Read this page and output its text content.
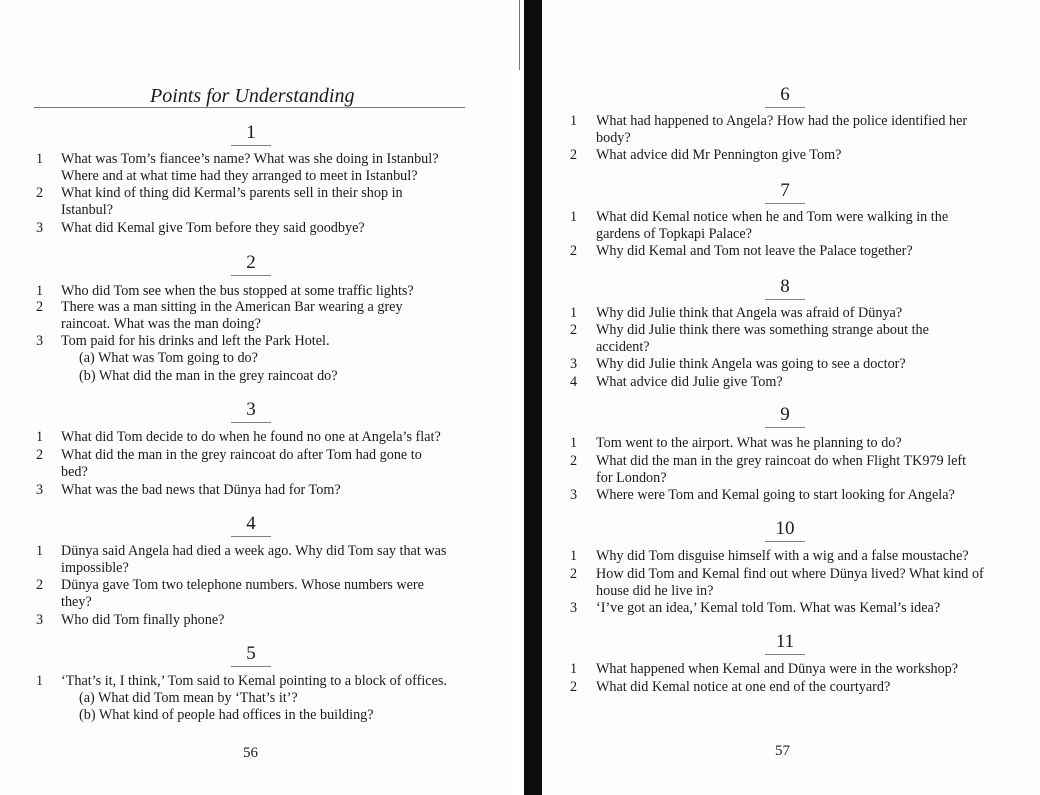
Points for Understanding
56	57
1
1 What was Tom’s fiancee’s name? What was she doing in Istanbul?
Where and at what time had they arranged to meet in Istanbul?
2 What kind of thing did Kermal’s parents sell in their shop in
Istanbul?
3 What did Kemal give Tom before they said goodbye?
2
1 Who did Tom see when the bus stopped at some traffic lights?
2 There was a man sitting in the American Bar wearing a grey
raincoat. What was the man doing?
3 Tom paid for his drinks and left the Park Hotel.
(a) What was Tom going to do?
(b) What did the man in the grey raincoat do?
3
1 What did Tom decide to do when he found no one at Angela’s flat?
2 What did the man in the grey raincoat do after Tom had gone to
bed?
3 What was the bad news that Dünya had for Tom?
4
1 Dünya said Angela had died a week ago. Why did Tom say that was
impossible?
2 Dünya gave Tom two telephone numbers. Whose numbers were
they?
3 Who did Tom finally phone?
5
1 ‘That’s it, I think,’ Tom said to Kemal pointing to a block of offices.
(a) What did Tom mean by ‘That’s it’?
(b) What kind of people had offices in the building?
6
1 What had happened to Angela? How had the police identified her
body?
2 What advice did Mr Pennington give Tom?
7
1 What did Kemal notice when he and Tom were walking in the
gardens of Topkapi Palace?
2 Why did Kemal and Tom not leave the Palace together?
8
1 Why did Julie think that Angela was afraid of Dünya?
2 Why did Julie think there was something strange about the
accident?
3 Why did Julie think Angela was going to see a doctor?
4 What advice did Julie give Tom?
9
1 Tom went to the airport. What was he planning to do?
2 What did the man in the grey raincoat do when Flight TK979 left
for London?
3 Where were Tom and Kemal going to start looking for Angela?
10
1 Why did Tom disguise himself with a wig and a false moustache?
2 How did Tom and Kemal find out where Dünya lived? What kind of
house did he live in?
3 ‘I’ve got an idea,’ Kemal told Tom. What was Kemal’s idea?
11
1 What happened when Kemal and Dünya were in the workshop?
2 What did Kemal notice at one end of the courtyard?
